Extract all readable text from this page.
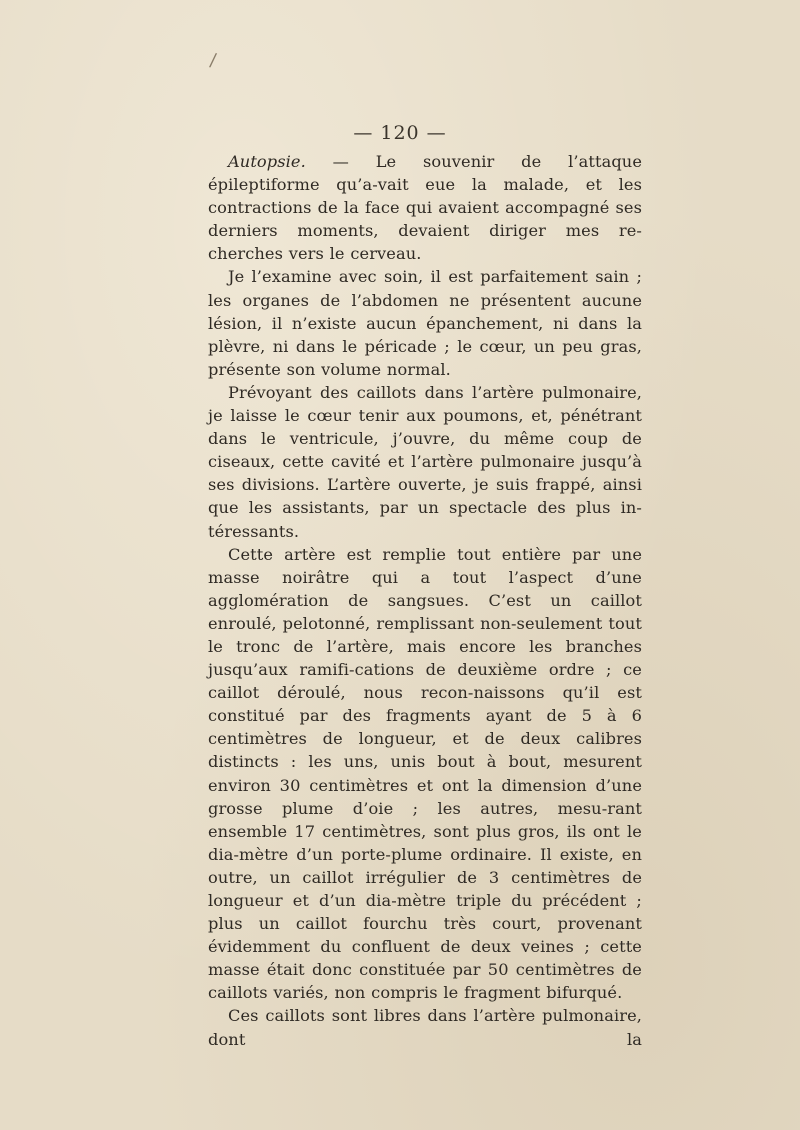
/
— 120 —

Autopsie. — Le souvenir de l’attaque épileptiforme qu’a-vait eue la malade, et les contractions de la face qui avaient accompagné ses derniers moments, devaient diriger mes re-cherches vers le cerveau.

Je l’examine avec soin, il est parfaitement sain ; les organes de l’abdomen ne présentent aucune lésion, il n’existe aucun épanchement, ni dans la plèvre, ni dans le péricade ; le cœur, un peu gras, présente son volume normal.

Prévoyant des caillots dans l’artère pulmonaire, je laisse le cœur tenir aux poumons, et, pénétrant dans le ventricule, j’ouvre, du même coup de ciseaux, cette cavité et l’artère pulmonaire jusqu’à ses divisions. L’artère ouverte, je suis frappé, ainsi que les assistants, par un spectacle des plus in-téressants.

Cette artère est remplie tout entière par une masse noirâtre qui a tout l’aspect d’une agglomération de sangsues. C’est un caillot enroulé, pelotonné, remplissant non-seulement tout le tronc de l’artère, mais encore les branches jusqu’aux ramifi-cations de deuxième ordre ; ce caillot déroulé, nous recon-naissons qu’il est constitué par des fragments ayant de 5 à 6 centimètres de longueur, et de deux calibres distincts : les uns, unis bout à bout, mesurent environ 30 centimètres et ont la dimension d’une grosse plume d’oie ; les autres, mesu-rant ensemble 17 centimètres, sont plus gros, ils ont le dia-mètre d’un porte-plume ordinaire. Il existe, en outre, un caillot irrégulier de 3 centimètres de longueur et d’un dia-mètre triple du précédent ; plus un caillot fourchu très court, provenant évidemment du confluent de deux veines ; cette masse était donc constituée par 50 centimètres de caillots variés, non compris le fragment bifurqué.

Ces caillots sont libres dans l’artère pulmonaire, dont la
